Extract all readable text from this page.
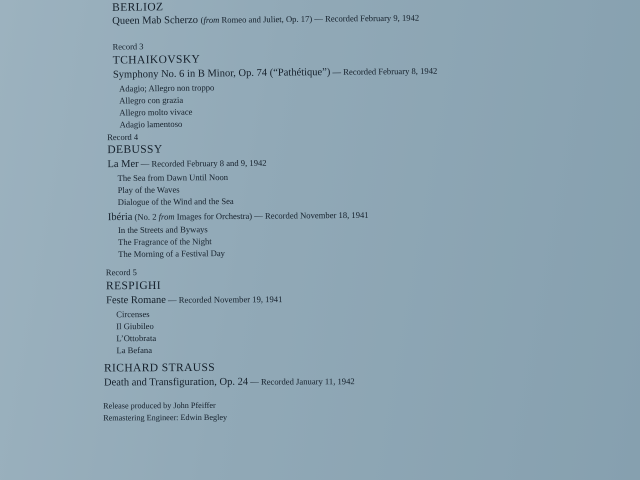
BERLIOZ
Queen Mab Scherzo (from Romeo and Juliet, Op. 17) — Recorded February 9, 1942
Record 3
TCHAIKOVSKY
Symphony No. 6 in B Minor, Op. 74 (“Pathétique”) — Recorded February 8, 1942
Adagio; Allegro non troppo
Allegro con grazia
Allegro molto vivace
Adagio lamentoso
Record 4
DEBUSSY
La Mer — Recorded February 8 and 9, 1942
The Sea from Dawn Until Noon
Play of the Waves
Dialogue of the Wind and the Sea
Ibéria (No. 2 from Images for Orchestra) — Recorded November 18, 1941
In the Streets and Byways
The Fragrance of the Night
The Morning of a Festival Day
Record 5
RESPIGHI
Feste Romane — Recorded November 19, 1941
Circenses
Il Giubileo
L’Ottobrata
La Befana
RICHARD STRAUSS
Death and Transfiguration, Op. 24 — Recorded January 11, 1942
Release produced by John Pfeiffer
Remastering Engineer: Edwin Begley
